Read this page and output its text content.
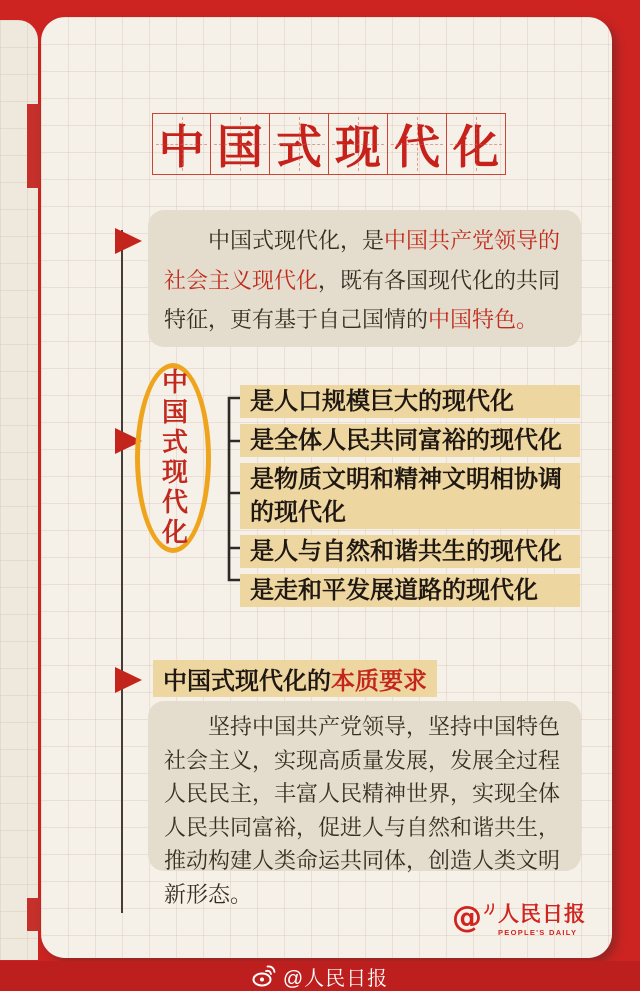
中 国 式 现 代 化

中国式现代化，是中国共产党领导的社会主义现代化，既有各国现代化的共同特征，更有基于自己国情的中国特色。

中国式现代化	是人口规模巨大的现代化
是全体人民共同富裕的现代化
是物质文明和精神文明相协调的现代化
是人与自然和谐共生的现代化
是走和平发展道路的现代化
中国式现代化的 本质要求

坚持中国共产党领导，坚持中国特色社会主义，实现高质量发展，发展全过程人民民主，丰富人民精神世界，实现全体人民共同富裕，促进人与自然和谐共生，推动构建人类命运共同体，创造人类文明新形态。

@ 人民日报
PEOPLE'S DAILY
@人民日报
